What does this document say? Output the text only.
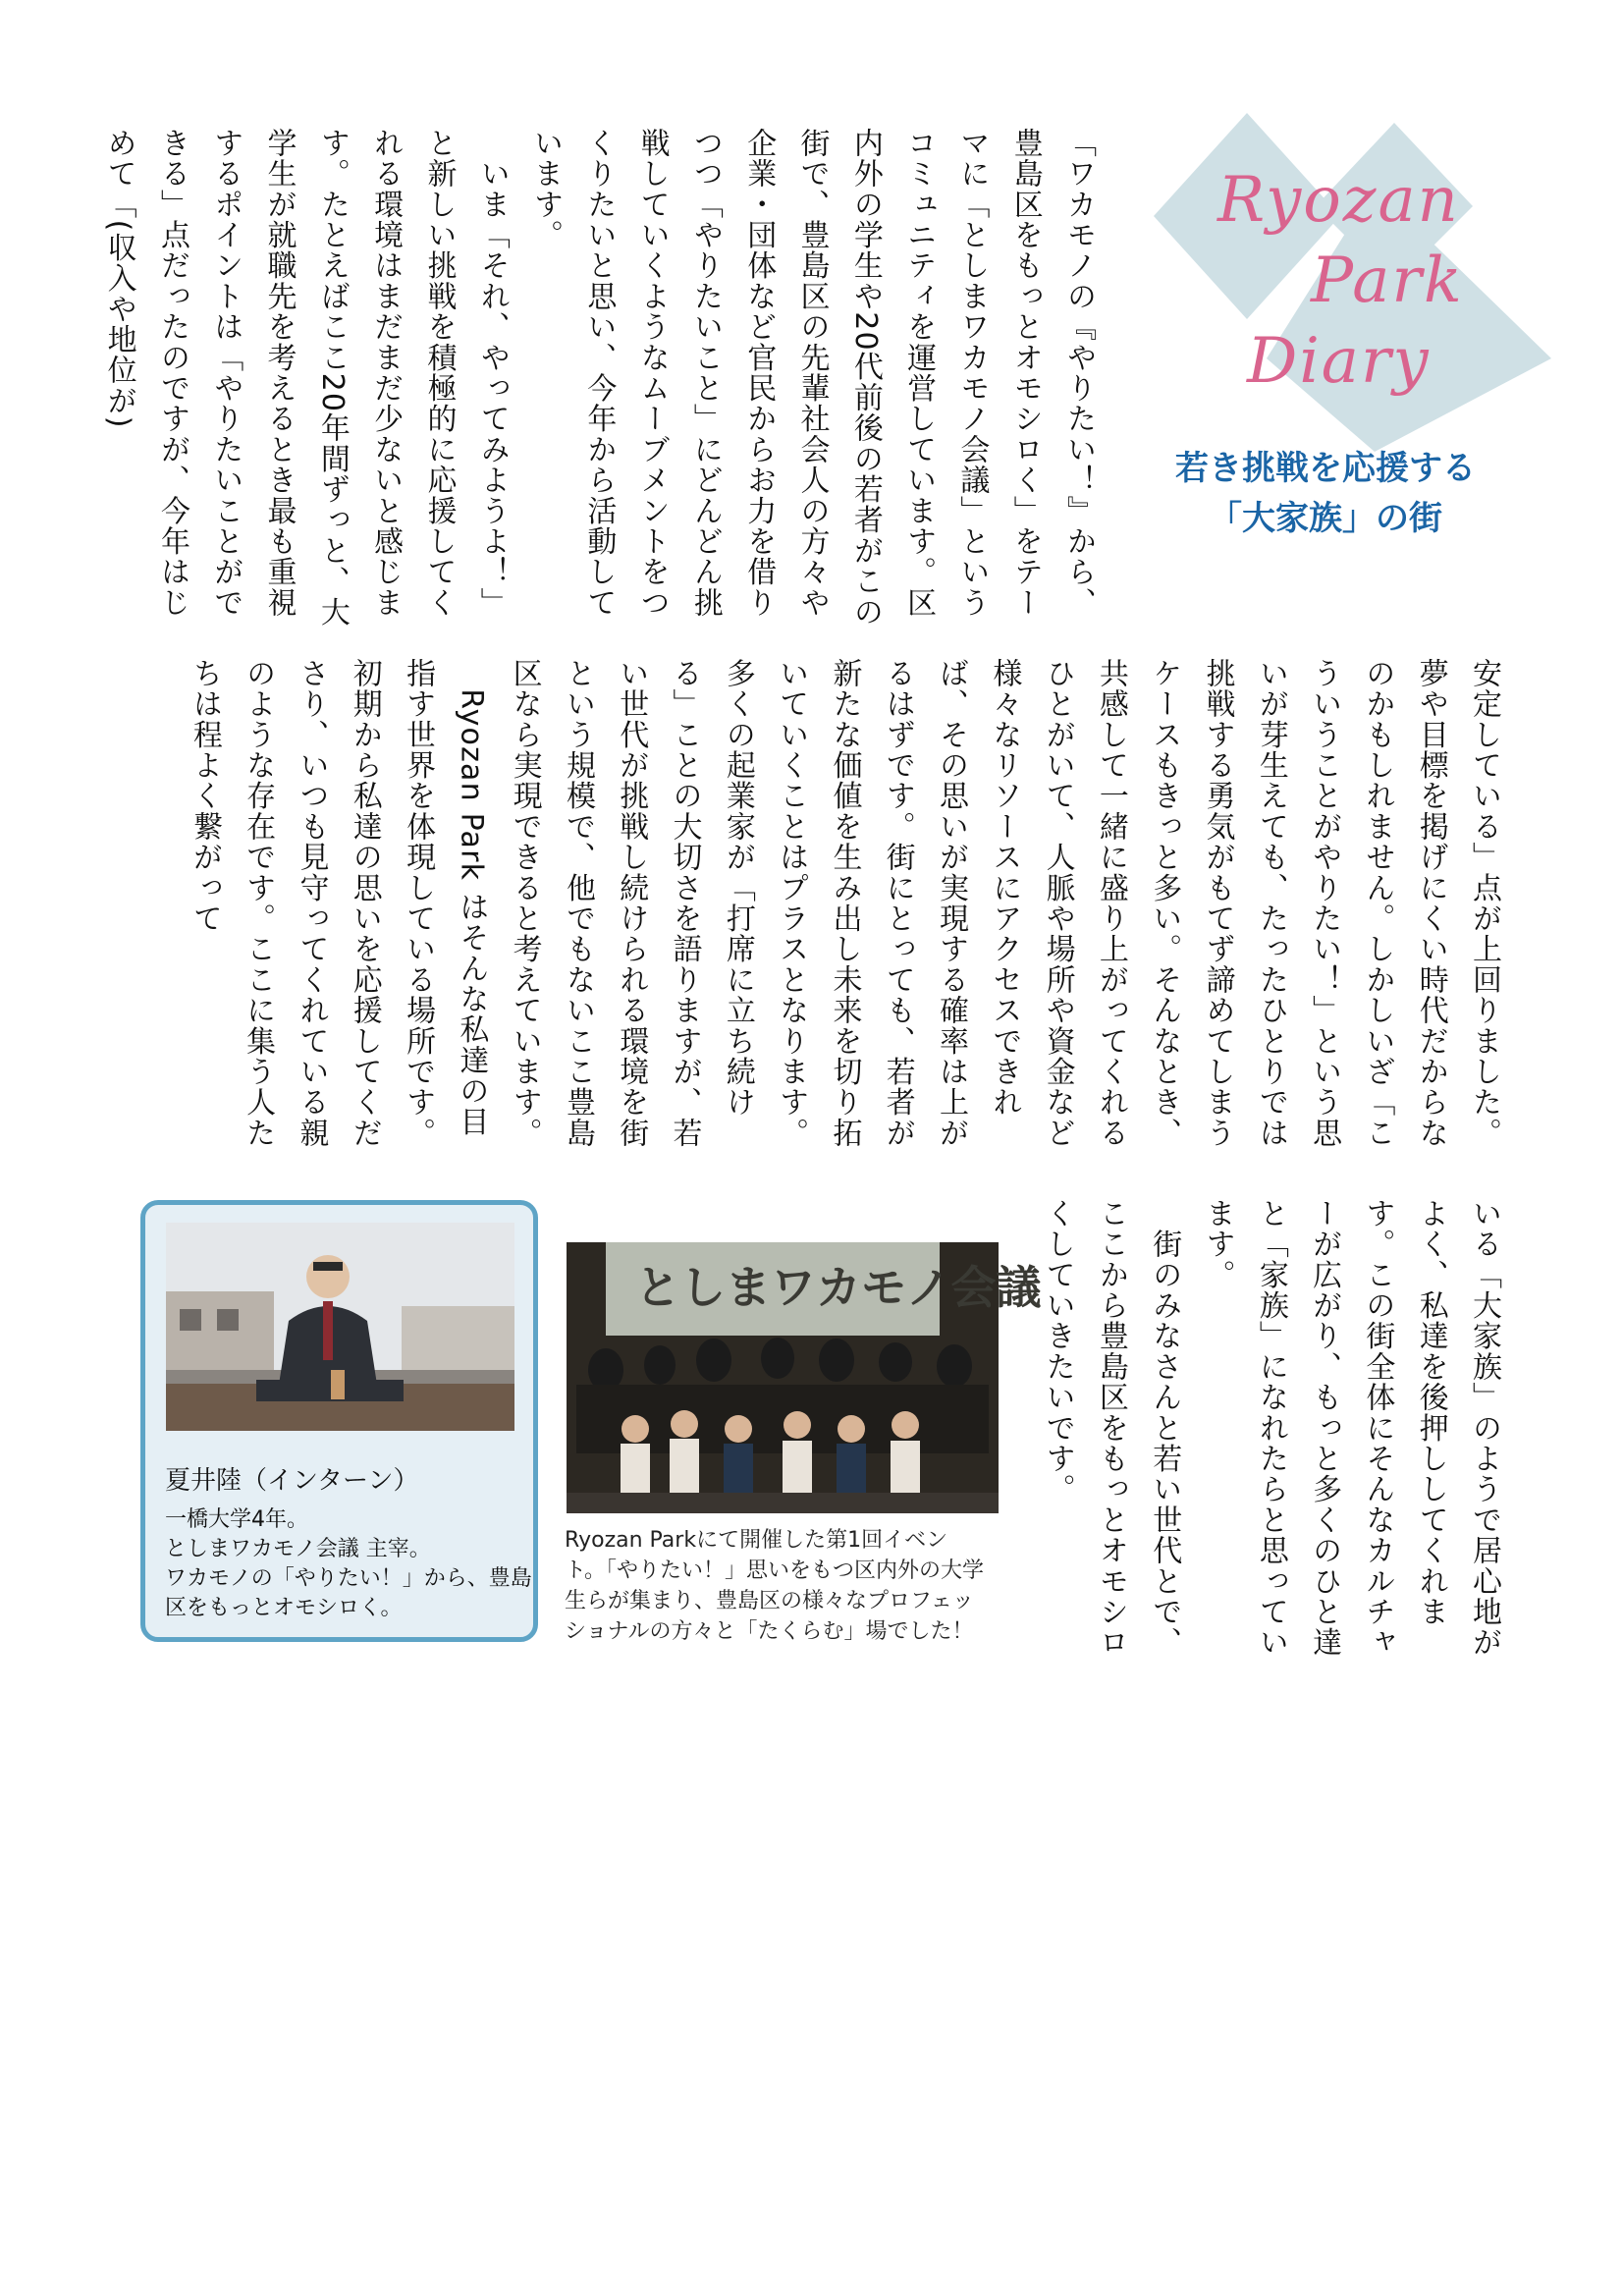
Ryozan
Park
Diary
若き挑戦を応援する
「大家族」の街

「ワカモノの『やりたい！』から、豊島区をもっとオモシロく」をテーマに「としまワカモノ会議」というコミュニティを運営しています。区内外の学生や20代前後の若者がこの街で、豊島区の先輩社会人の方々や企業・団体など官民からお力を借りつつ「やりたいこと」にどんどん挑戦していくようなムーブメントをつくりたいと思い、今年から活動しています。

　いま「それ、やってみようよ！」と新しい挑戦を積極的に応援してくれる環境はまだまだ少ないと感じます。たとえばここ20年間ずっと、大学生が就職先を考えるとき最も重視するポイントは「やりたいことができる」点だったのですが、今年はじめて「(収入や地位が)

安定している」点が上回りました。夢や目標を掲げにくい時代だからなのかもしれません。しかしいざ「こういうことがやりたい！」という思いが芽生えても、たったひとりでは挑戦する勇気がもてず諦めてしまうケースもきっと多い。そんなとき、共感して一緒に盛り上がってくれるひとがいて、人脈や場所や資金など様々なリソースにアクセスできれば、その思いが実現する確率は上がるはずです。街にとっても、若者が新たな価値を生み出し未来を切り拓いていくことはプラスとなります。多くの起業家が「打席に立ち続ける」ことの大切さを語りますが、若い世代が挑戦し続けられる環境を街という規模で、他でもないここ豊島区なら実現できると考えています。

　Ryozan Park はそんな私達の目指す世界を体現している場所です。初期から私達の思いを応援してくださり、いつも見守ってくれている親のような存在です。ここに集う人たちは程よく繋がって

いる「大家族」のようで居心地がよく、私達を後押ししてくれます。この街全体にそんなカルチャーが広がり、もっと多くのひと達と「家族」になれたらと思っています。

　街のみなさんと若い世代とで、ここから豊島区をもっとオモシロくしていきたいです。

夏井陸（インターン）
一橋大学4年。
としまワカモノ会議 主宰。
ワカモノの「やりたい！」から、豊島
区をもっとオモシロく。
としまワカモノ会議
Ryozan Parkにて開催した第1回イベン
ト。「やりたい！」思いをもつ区内外の大学
生らが集まり、豊島区の様々なプロフェッ
ショナルの方々と「たくらむ」場でした！
